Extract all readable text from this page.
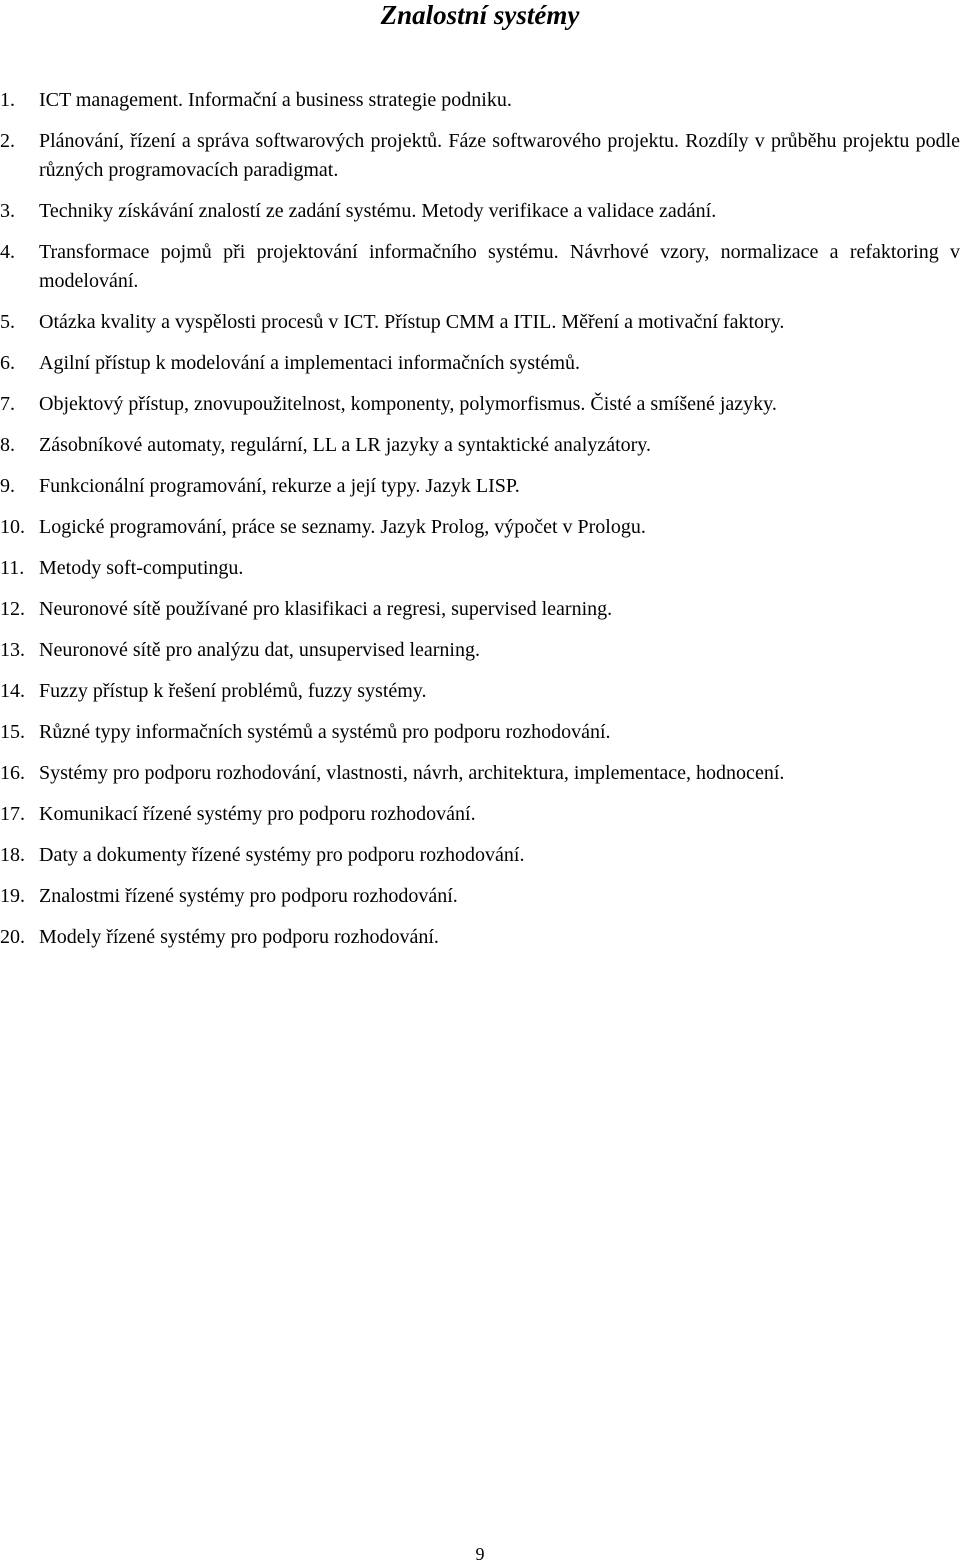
Znalostní systémy
1. ICT management. Informační a business strategie podniku.
2. Plánování, řízení a správa softwarových projektů. Fáze softwarového projektu. Rozdíly v průběhu projektu podle různých programovacích paradigmat.
3. Techniky získávání znalostí ze zadání systému. Metody verifikace a validace zadání.
4. Transformace pojmů při projektování informačního systému. Návrhové vzory, normalizace a refaktoring v modelování.
5. Otázka kvality a vyspělosti procesů v ICT. Přístup CMM a ITIL. Měření a motivační faktory.
6. Agilní přístup k modelování a implementaci informačních systémů.
7. Objektový přístup, znovupoužitelnost, komponenty, polymorfismus. Čisté a smíšené jazyky.
8. Zásobníkové automaty, regulární, LL a LR jazyky a syntaktické analyzátory.
9. Funkcionální programování, rekurze a její typy. Jazyk LISP.
10. Logické programování, práce se seznamy. Jazyk Prolog, výpočet v Prologu.
11. Metody soft-computingu.
12. Neuronové sítě používané pro klasifikaci a regresi, supervised learning.
13. Neuronové sítě pro analýzu dat, unsupervised learning.
14. Fuzzy přístup k řešení problémů, fuzzy systémy.
15. Různé typy informačních systémů a systémů pro podporu rozhodování.
16. Systémy pro podporu rozhodování, vlastnosti, návrh, architektura, implementace, hodnocení.
17. Komunikací řízené systémy pro podporu rozhodování.
18. Daty a dokumenty řízené systémy pro podporu rozhodování.
19. Znalostmi řízené systémy pro podporu rozhodování.
20. Modely řízené systémy pro podporu rozhodování.
9
